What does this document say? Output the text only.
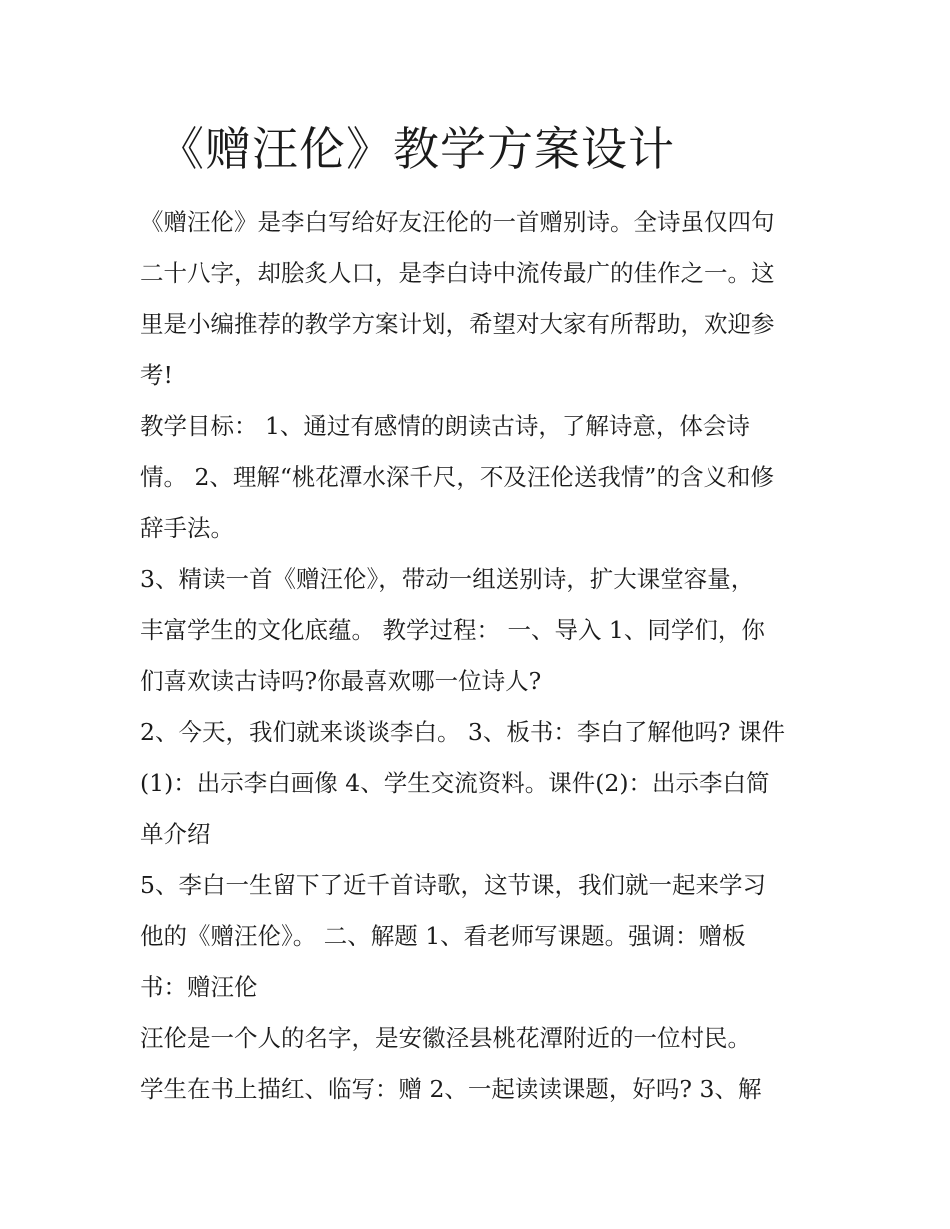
《赠汪伦》教学方案设计

《赠汪伦》是李白写给好友汪伦的一首赠别诗。全诗虽仅四句

二十八字，却脍炙人口，是李白诗中流传最广的佳作之一。这

里是小编推荐的教学方案计划，希望对大家有所帮助，欢迎参

考!

教学目标： 1、通过有感情的朗读古诗，了解诗意，体会诗

情。 2、理解“桃花潭水深千尺，不及汪伦送我情”的含义和修

辞手法。

3、精读一首《赠汪伦》，带动一组送别诗，扩大课堂容量，

丰富学生的文化底蕴。 教学过程： 一、导入 1、同学们，你

们喜欢读古诗吗?你最喜欢哪一位诗人?

2、今天，我们就来谈谈李白。 3、板书：李白了解他吗? 课件

(1)：出示李白画像 4、学生交流资料。课件(2)：出示李白简

单介绍

5、李白一生留下了近千首诗歌，这节课，我们就一起来学习

他的《赠汪伦》。 二、解题 1、看老师写课题。强调：赠板

书：赠汪伦

汪伦是一个人的名字，是安徽泾县桃花潭附近的一位村民。

学生在书上描红、临写：赠 2、一起读读课题，好吗? 3、解
